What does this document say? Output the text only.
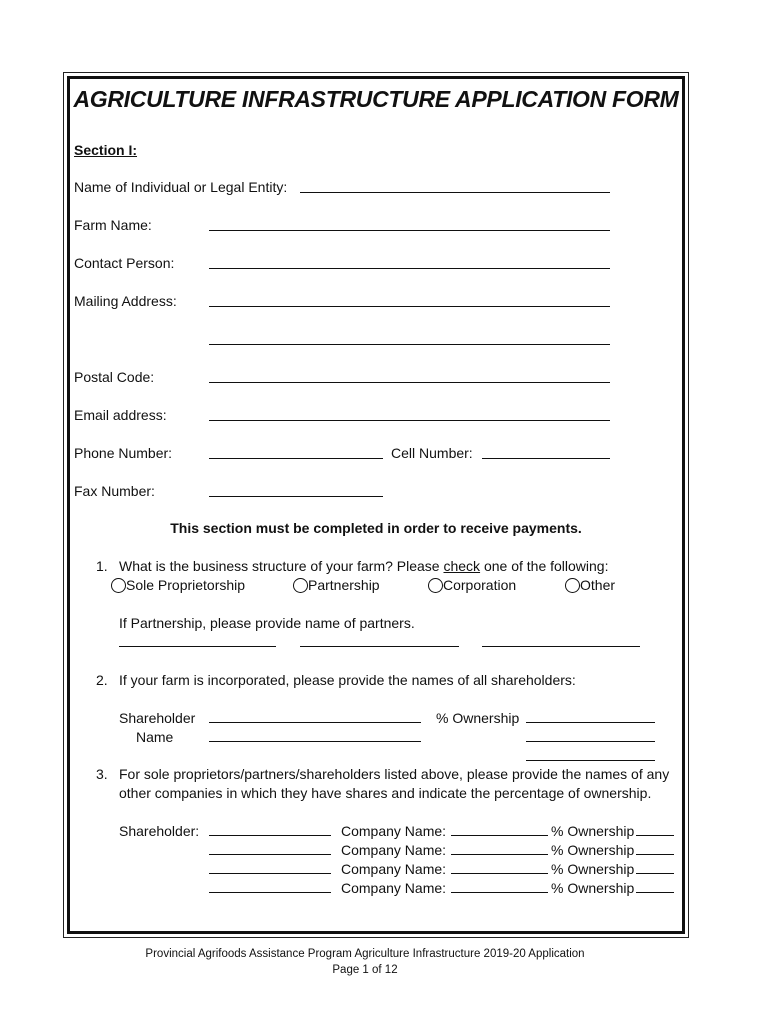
AGRICULTURE INFRASTRUCTURE APPLICATION FORM
Section I:
Name of Individual or Legal Entity:
Farm Name:
Contact Person:
Mailing Address:
Postal Code:
Email address:
Phone Number:	Cell Number:
Fax Number:
This section must be completed in order to receive payments.
1. What is the business structure of your farm? Please check one of the following:
Sole Proprietorship	Partnership	Corporation	Other
If Partnership, please provide name of partners.
2. If your farm is incorporated, please provide the names of all shareholders:
Shareholder
Name
% Ownership
3. For sole proprietors/partners/shareholders listed above, please provide the names of any
other companies in which they have shares and indicate the percentage of ownership.
Shareholder:	Company Name:	% Ownership
Company Name:	% Ownership
Company Name:	% Ownership
Company Name:	% Ownership
Provincial Agrifoods Assistance Program Agriculture Infrastructure 2019-20 Application
Page 1 of 12
